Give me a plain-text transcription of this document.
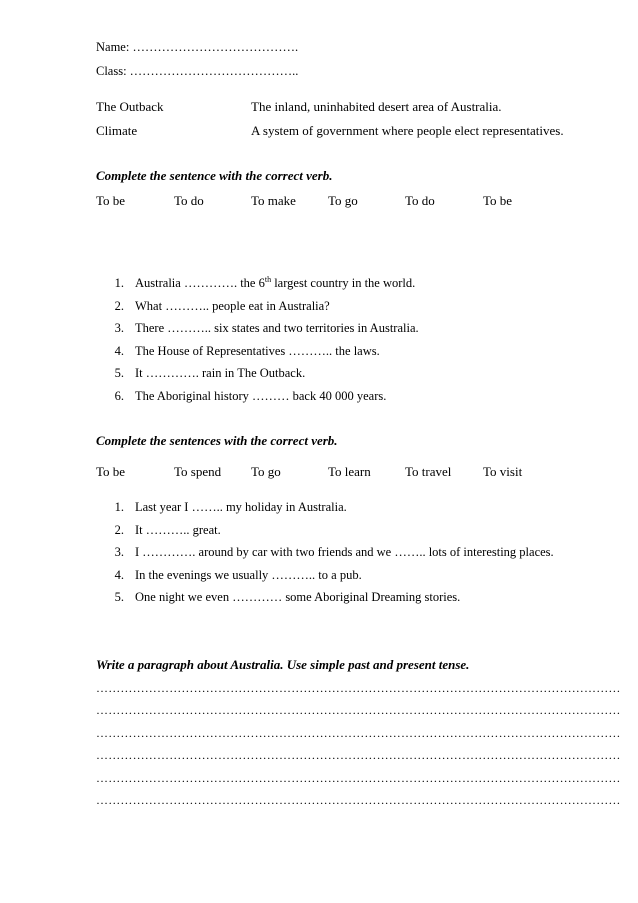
Name: ………………………………….
Class: …………………………………..
The Outback	The inland, uninhabited desert area of Australia.
Climate	A system of government where people elect representatives.
Complete the sentence with the correct verb.
To be	To do	To make To go	To do	To be
1. Australia …………. the 6th largest country in the world.
2. What ……….. people eat in Australia?
3. There ……….. six states and two territories in Australia.
4. The House of Representatives ……….. the laws.
5. It …………. rain in The Outback.
6. The Aboriginal history ……… back 40 000 years.
Complete the sentences with the correct verb.
To be	To spend To go	To learn	To travel To visit
1. Last year I …….. my holiday in Australia.
2. It ……….. great.
3. I …………. around by car with two friends and we …….. lots of interesting places.
4. In the evenings we usually ……….. to a pub.
5. One night we even ………… some Aboriginal Dreaming stories.
Write a paragraph about Australia. Use simple past and present tense.
…………………………………………………………………………………………………………………
…………………………………………………………………………………………………………………
…………………………………………………………………………………………………………………
…………………………………………………………………………………………………………………
…………………………………………………………………………………………………………………
…………………………………………………………………………………………………………………
